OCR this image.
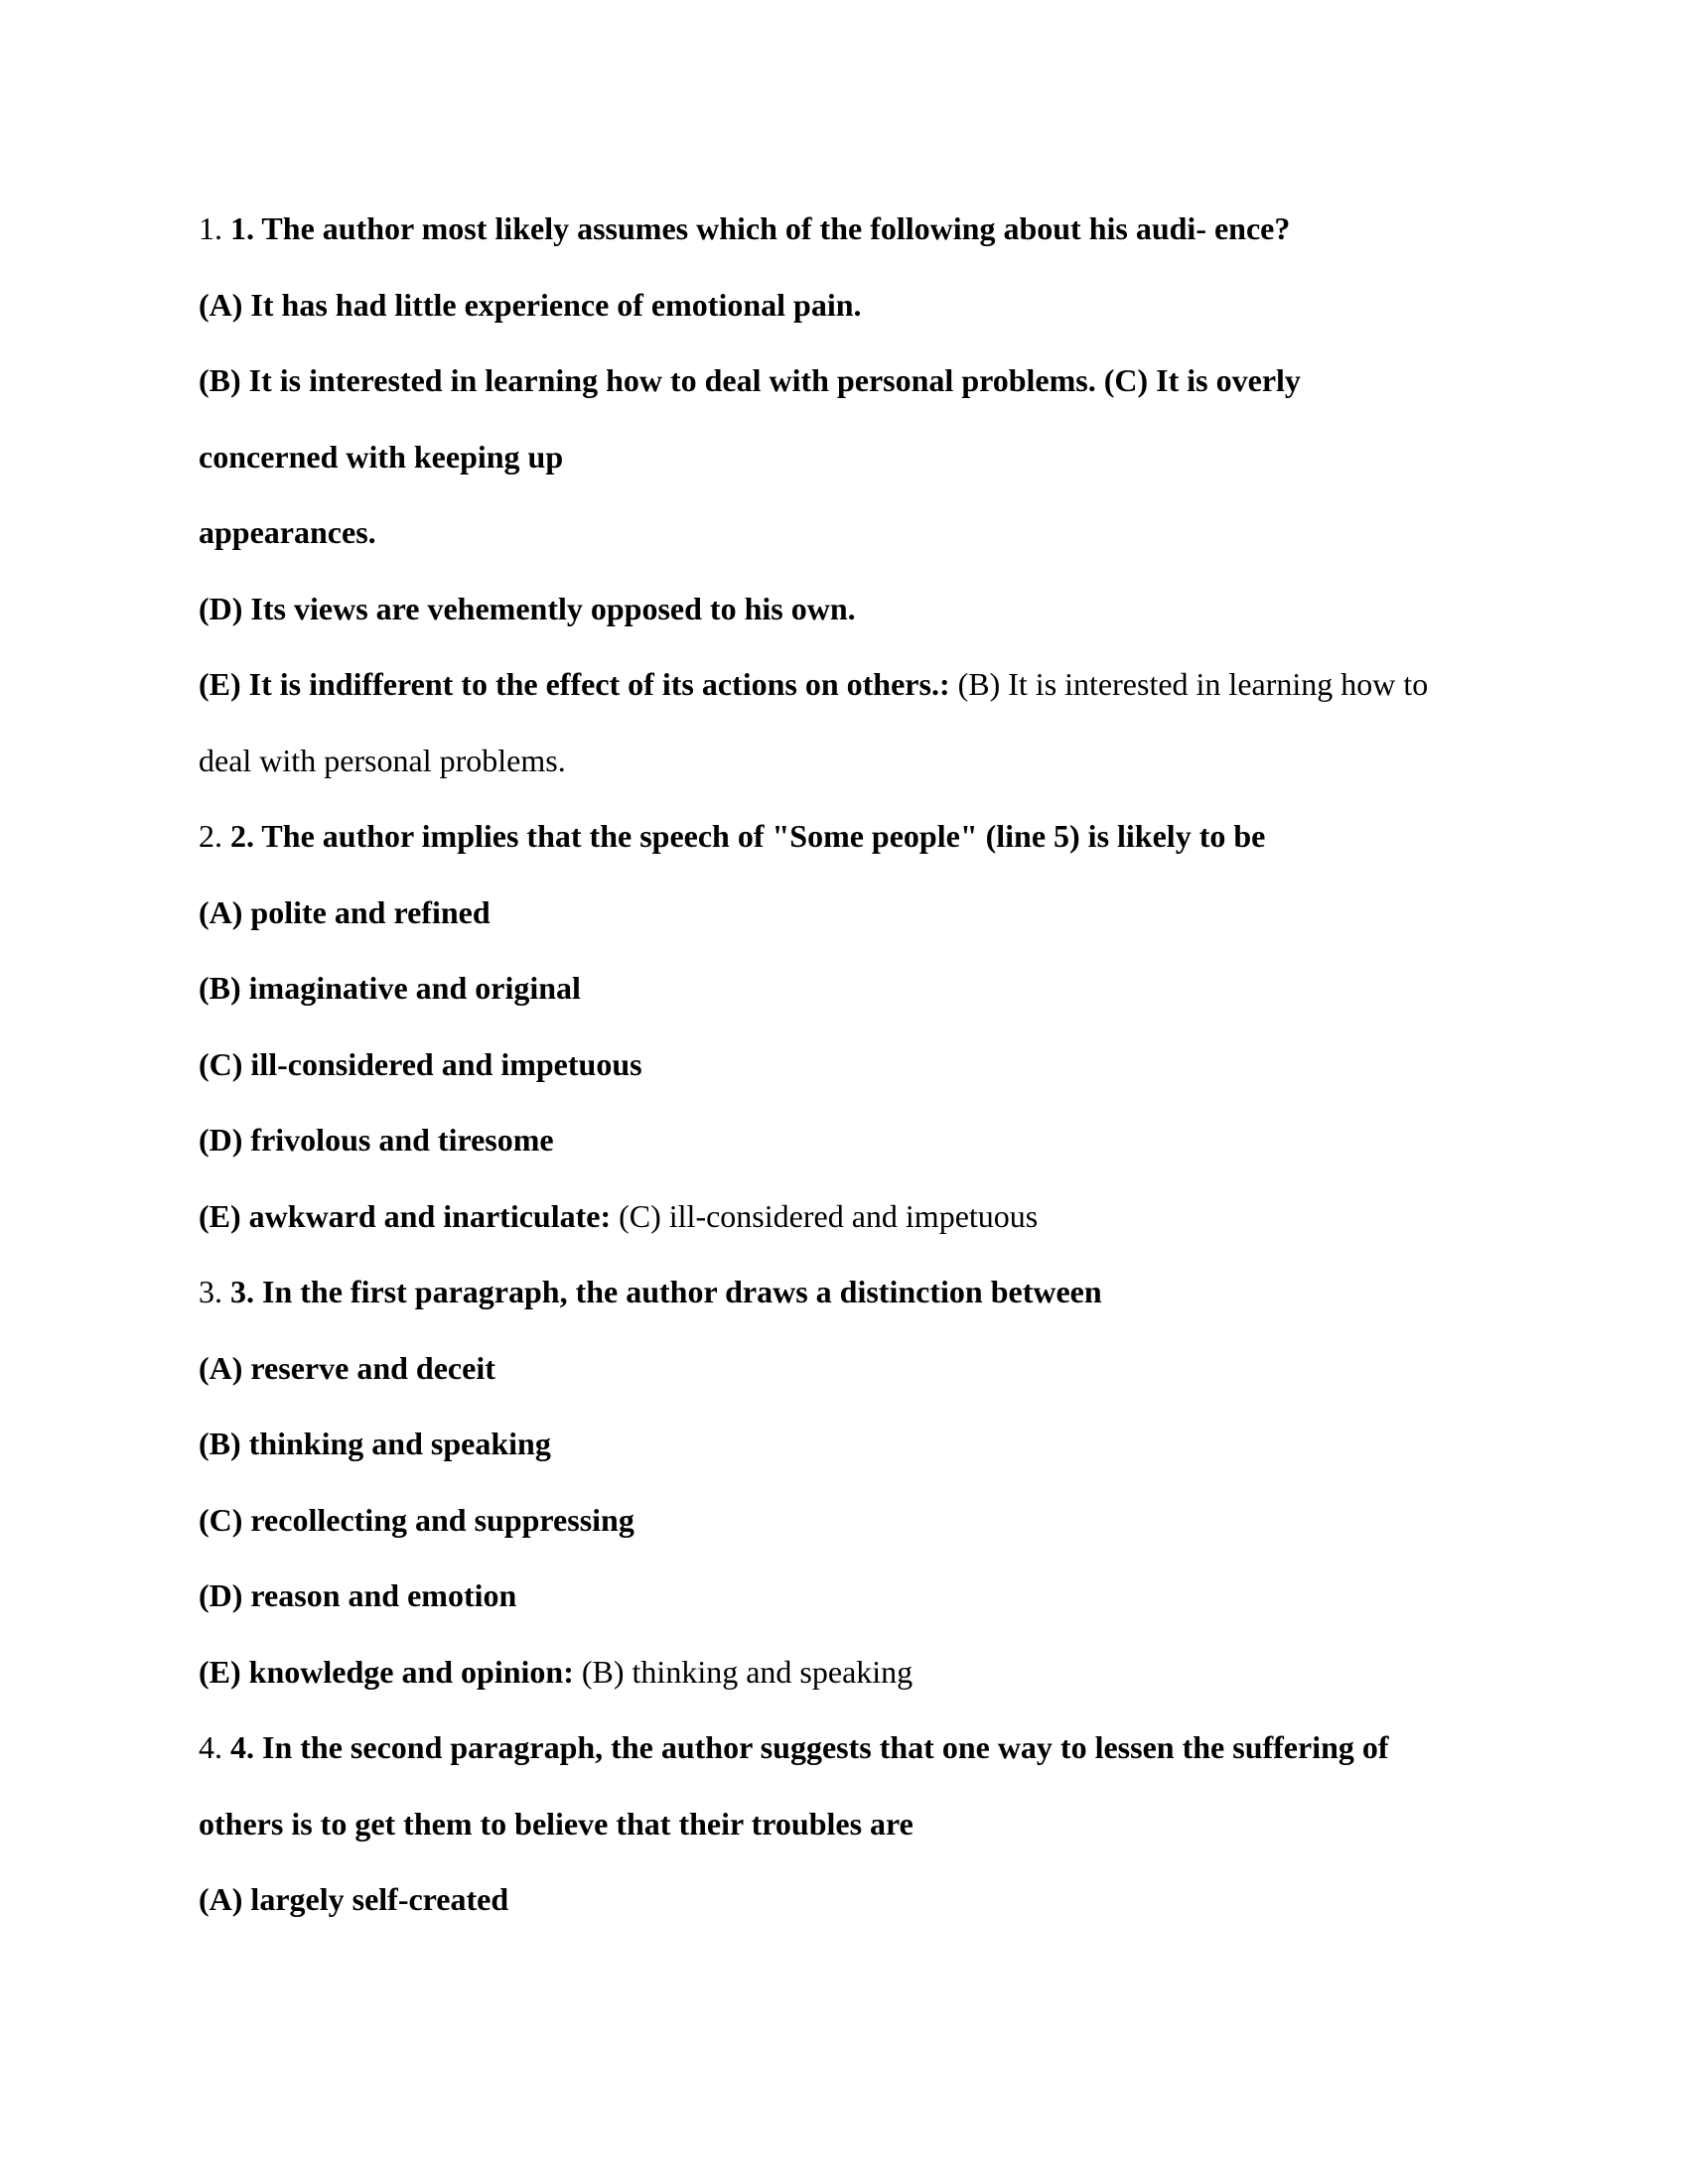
1. 1. The author most likely assumes which of the following about his audi- ence?
(A) It has had little experience of emotional pain.
(B) It is interested in learning how to deal with personal problems. (C) It is overly
concerned with keeping up
appearances.
(D) Its views are vehemently opposed to his own.
(E) It is indifferent to the effect of its actions on others.: (B) It is interested in learning how to
deal with personal problems.
2. 2. The author implies that the speech of "Some people" (line 5) is likely to be
(A) polite and refined
(B) imaginative and original
(C) ill-considered and impetuous
(D) frivolous and tiresome
(E) awkward and inarticulate: (C) ill-considered and impetuous
3. 3. In the first paragraph, the author draws a distinction between
(A) reserve and deceit
(B) thinking and speaking
(C) recollecting and suppressing
(D) reason and emotion
(E) knowledge and opinion: (B) thinking and speaking
4. 4. In the second paragraph, the author suggests that one way to lessen the suffering of
others is to get them to believe that their troubles are
(A) largely self-created
